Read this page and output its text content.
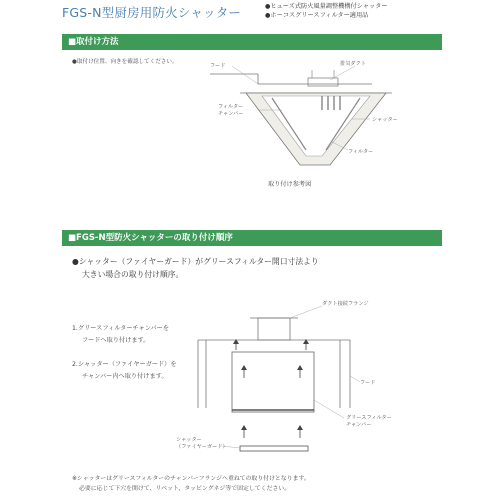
FGS-N型厨房用防火シャッター	●ヒューズ式防火風量調整機構付シャッター
●ホーコスグリースフィルター適用品
■取付け方法
●取付け位置、向きを確認してください。
フード	排気ダクト
フィルター
チャンバー
シャッター
フィルター
取り付け参考図
■FGS-N型防火シャッターの取り付け順序
●シャッター（ファイヤーガード）がグリースフィルター開口寸法より
大きい場合の取り付け順序。
1.グリースフィルターチャンバーを
フードへ取り付けます。
2.シャッター（ファイヤーガード）を
チャンバー内へ取り付けます。
ダクト接続フランジ
フード
グリースフィルター
チャンバー
シャッター
（ファイヤーガード）
※シャッターはグリースフィルターのチャンバーフランジへ重ねての取り付けとなります。
必要に応じて下穴を開けて、リベット、タッピングネジ等で固定してください。
